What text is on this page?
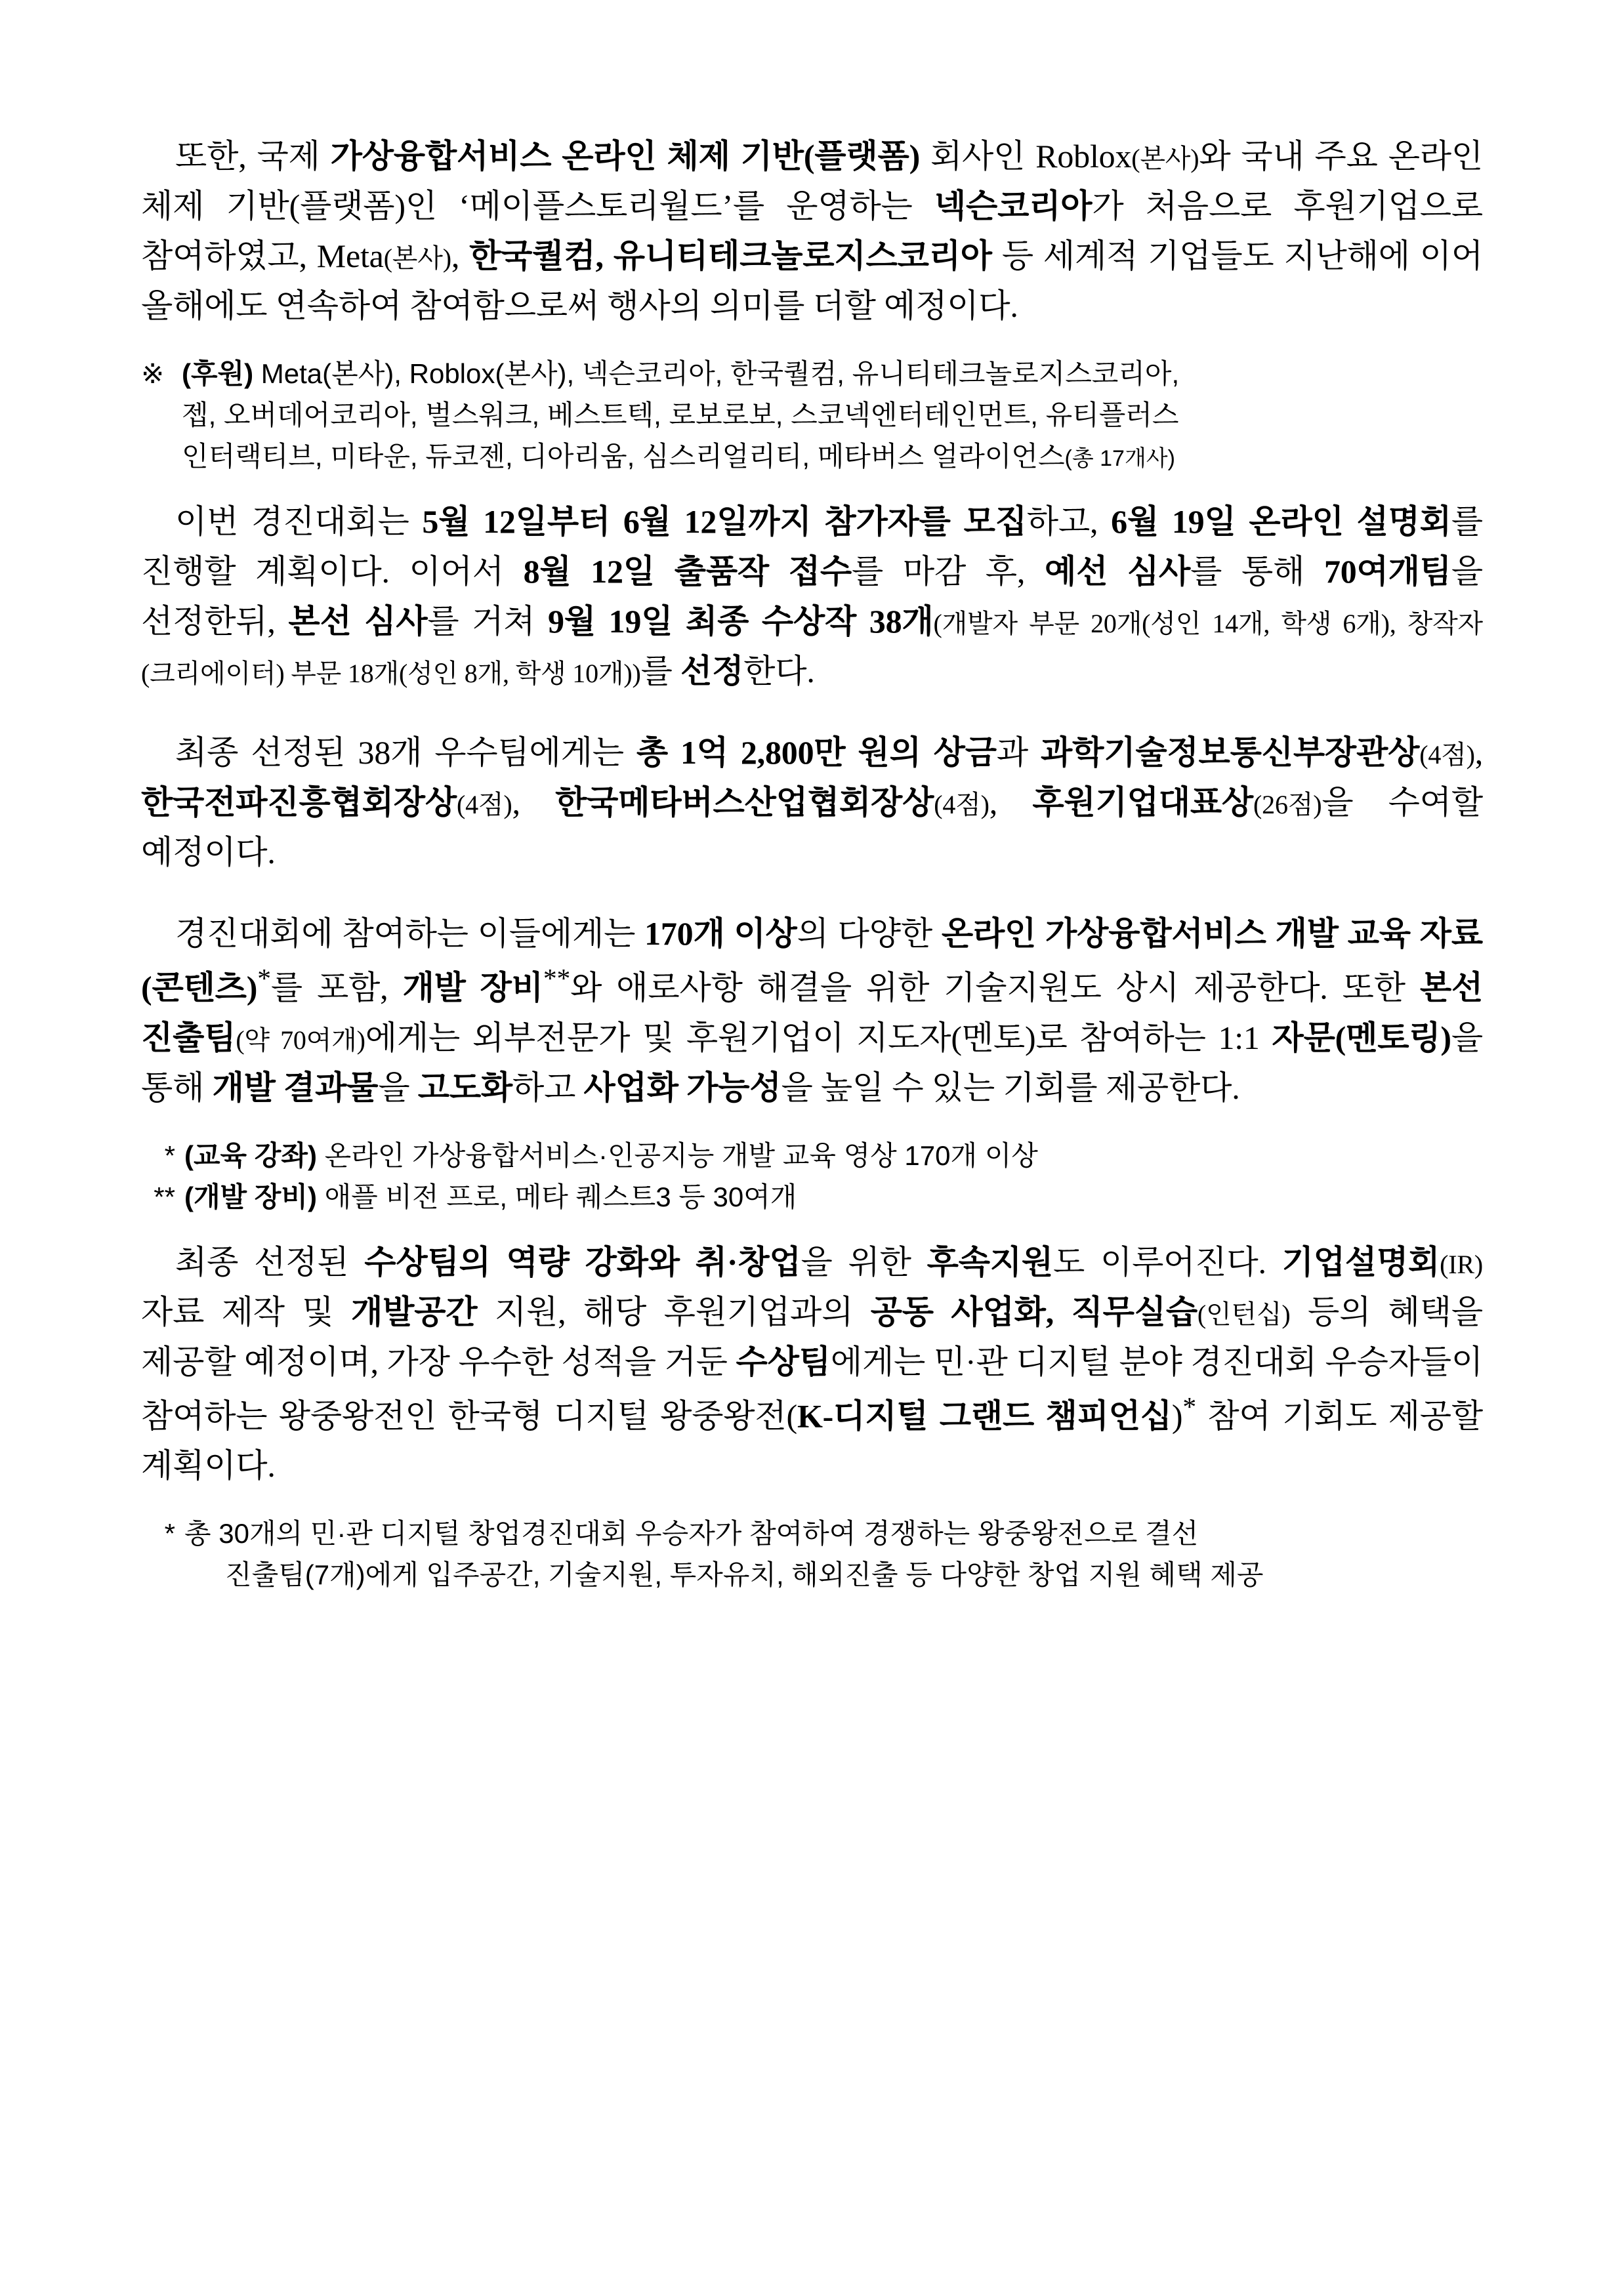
또한, 국제 가상융합서비스 온라인 체제 기반(플랫폼) 회사인 Roblox(본사)와 국내 주요 온라인 체제 기반(플랫폼)인 ‘메이플스토리월드’를 운영하는 넥슨코리아가 처음으로 후원기업으로 참여하였고, Meta(본사), 한국퀄컴, 유니티테크놀로지스코리아 등 세계적 기업들도 지난해에 이어 올해에도 연속하여 참여함으로써 행사의 의미를 더할 예정이다.

※ (후원) Meta(본사), Roblox(본사), 넥슨코리아, 한국퀄컴, 유니티테크놀로지스코리아,
젭, 오버데어코리아, 벌스워크, 베스트텍, 로보로보, 스코넥엔터테인먼트, 유티플러스
인터랙티브, 미타운, 듀코젠, 디아리움, 심스리얼리티, 메타버스 얼라이언스(총 17개사)

이번 경진대회는 5월 12일부터 6월 12일까지 참가자를 모집하고, 6월 19일 온라인 설명회를 진행할 계획이다. 이어서 8월 12일 출품작 접수를 마감 후, 예선 심사를 통해 70여개팀을 선정한뒤, 본선 심사를 거쳐 9월 19일 최종 수상작 38개(개발자 부문 20개(성인 14개, 학생 6개), 창작자(크리에이터) 부문 18개(성인 8개, 학생 10개))를 선정한다.

최종 선정된 38개 우수팀에게는 총 1억 2,800만 원의 상금과 과학기술정보통신부장관상(4점), 한국전파진흥협회장상(4점), 한국메타버스산업협회장상(4점), 후원기업대표상(26점)을 수여할 예정이다.

경진대회에 참여하는 이들에게는 170개 이상의 다양한 온라인 가상융합서비스 개발 교육 자료(콘텐츠)*를 포함, 개발 장비**와 애로사항 해결을 위한 기술지원도 상시 제공한다. 또한 본선 진출팀(약 70여개)에게는 외부전문가 및 후원기업이 지도자(멘토)로 참여하는 1:1 자문(멘토링)을 통해 개발 결과물을 고도화하고 사업화 가능성을 높일 수 있는 기회를 제공한다.

* (교육 강좌) 온라인 가상융합서비스·인공지능 개발 교육 영상 170개 이상
** (개발 장비) 애플 비전 프로, 메타 퀘스트3 등 30여개

최종 선정된 수상팀의 역량 강화와 취·창업을 위한 후속지원도 이루어진다. 기업설명회(IR) 자료 제작 및 개발공간 지원, 해당 후원기업과의 공동 사업화, 직무실습(인턴십) 등의 혜택을 제공할 예정이며, 가장 우수한 성적을 거둔 수상팀에게는 민·관 디지털 분야 경진대회 우승자들이 참여하는 왕중왕전인 한국형 디지털 왕중왕전(K-디지털 그랜드 챔피언십)* 참여 기회도 제공할 계획이다.

* 총 30개의 민·관 디지털 창업경진대회 우승자가 참여하여 경쟁하는 왕중왕전으로 결선
진출팀(7개)에게 입주공간, 기술지원, 투자유치, 해외진출 등 다양한 창업 지원 혜택 제공
